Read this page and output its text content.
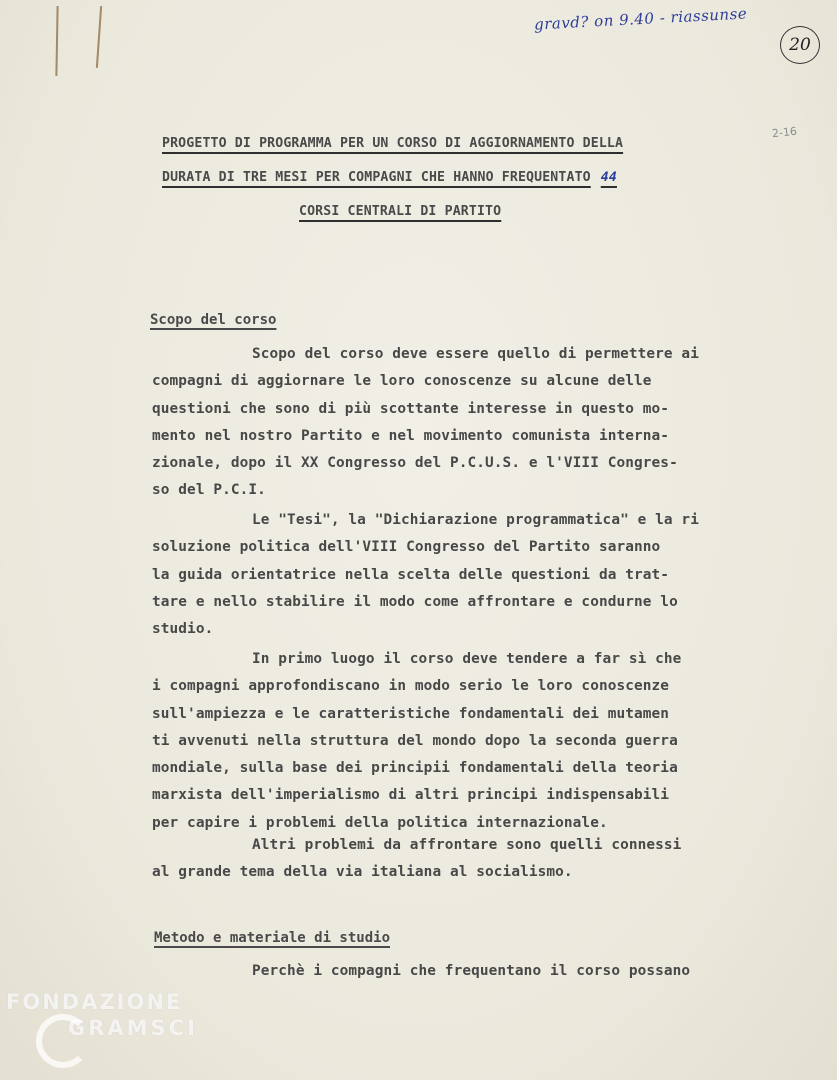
gravd? on 9.40 - riassunse
20
2-16
PROGETTO DI PROGRAMMA PER UN CORSO DI AGGIORNAMENTO DELLA
DURATA DI TRE MESI PER COMPAGNI CHE HANNO FREQUENTATO 44
CORSI CENTRALI DI PARTITO
Scopo del corso
Scopo del corso deve essere quello di permettere ai
compagni di aggiornare le loro conoscenze su alcune delle
questioni che sono di più scottante interesse in questo mo-
mento nel nostro Partito e nel movimento comunista interna-
zionale, dopo il XX Congresso del P.C.U.S. e l'VIII Congres-
so del P.C.I.
Le "Tesi", la "Dichiarazione programmatica" e la ri
soluzione politica dell'VIII Congresso del Partito saranno
la guida orientatrice nella scelta delle questioni da trat-
tare e nello stabilire il modo come affrontare e condurne lo
studio.
In primo luogo il corso deve tendere a far sì che
i compagni approfondiscano in modo serio le loro conoscenze
sull'ampiezza e le caratteristiche fondamentali dei mutamen
ti avvenuti nella struttura del mondo dopo la seconda guerra
mondiale, sulla base dei principii fondamentali della teoria
marxista dell'imperialismo di altri principi indispensabili
per capire i problemi della politica internazionale.
Altri problemi da affrontare sono quelli connessi
al grande tema della via italiana al socialismo.
Metodo e materiale di studio
Perchè i compagni che frequentano il corso possano
FONDAZIONE
GRAMSCI
